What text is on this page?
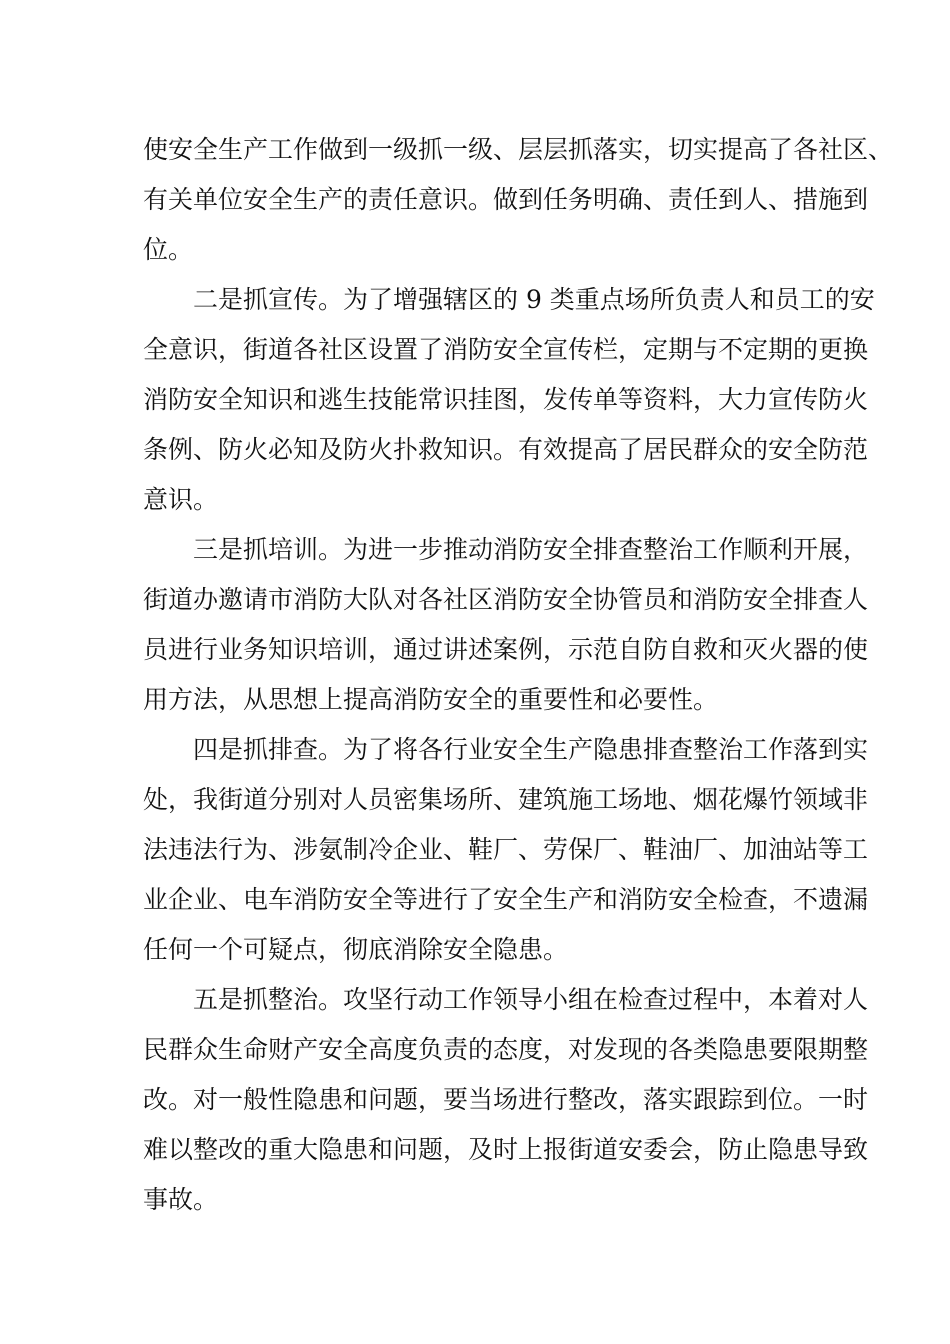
使安全生产工作做到一级抓一级、层层抓落实，切实提高了各社区、
有关单位安全生产的责任意识。做到任务明确、责任到人、措施到
位。
二是抓宣传。为了增强辖区的 9 类重点场所负责人和员工的安
全意识，街道各社区设置了消防安全宣传栏，定期与不定期的更换
消防安全知识和逃生技能常识挂图，发传单等资料，大力宣传防火
条例、防火必知及防火扑救知识。有效提高了居民群众的安全防范
意识。
三是抓培训。为进一步推动消防安全排查整治工作顺利开展，
街道办邀请市消防大队对各社区消防安全协管员和消防安全排查人
员进行业务知识培训，通过讲述案例，示范自防自救和灭火器的使
用方法，从思想上提高消防安全的重要性和必要性。
四是抓排查。为了将各行业安全生产隐患排查整治工作落到实
处，我街道分别对人员密集场所、建筑施工场地、烟花爆竹领域非
法违法行为、涉氨制冷企业、鞋厂、劳保厂、鞋油厂、加油站等工
业企业、电车消防安全等进行了安全生产和消防安全检查，不遗漏
任何一个可疑点，彻底消除安全隐患。
五是抓整治。攻坚行动工作领导小组在检查过程中，本着对人
民群众生命财产安全高度负责的态度，对发现的各类隐患要限期整
改。对一般性隐患和问题，要当场进行整改，落实跟踪到位。一时
难以整改的重大隐患和问题，及时上报街道安委会，防止隐患导致
事故。
